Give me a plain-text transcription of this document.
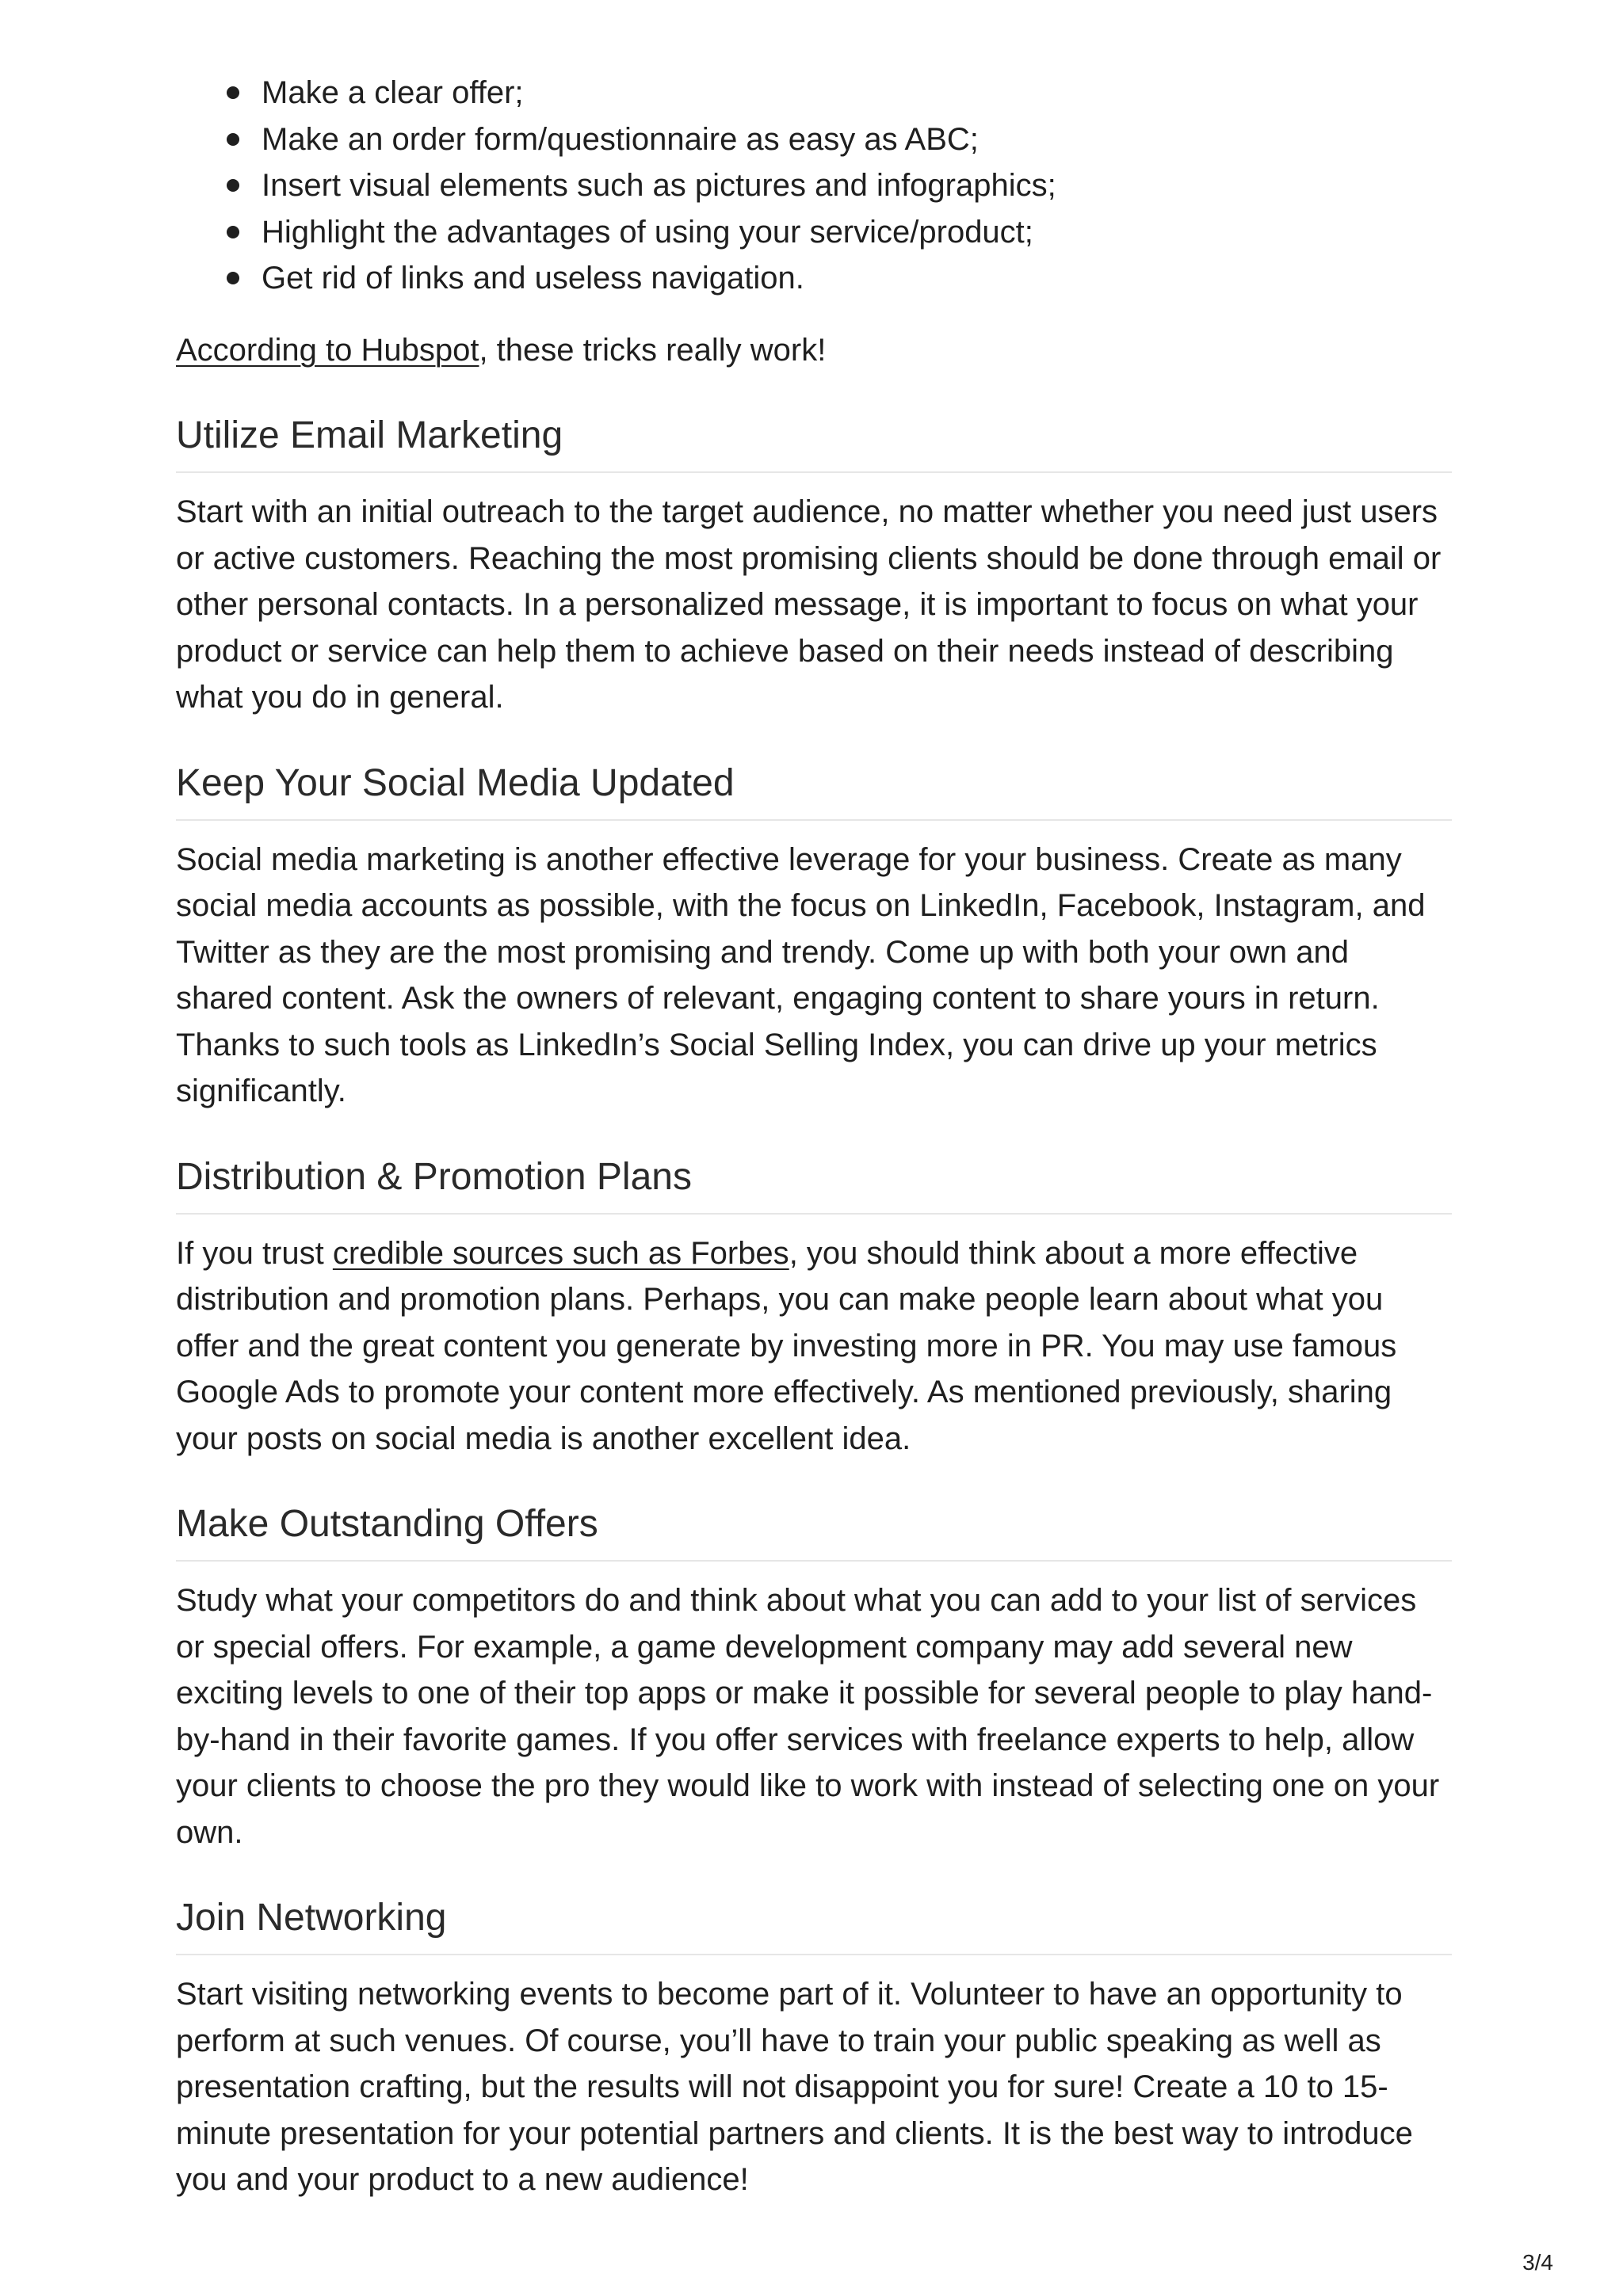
Make a clear offer;
Make an order form/questionnaire as easy as ABC;
Insert visual elements such as pictures and infographics;
Highlight the advantages of using your service/product;
Get rid of links and useless navigation.

According to Hubspot, these tricks really work!

Utilize Email Marketing

Start with an initial outreach to the target audience, no matter whether you need just users or active customers. Reaching the most promising clients should be done through email or other personal contacts. In a personalized message, it is important to focus on what your product or service can help them to achieve based on their needs instead of describing what you do in general.

Keep Your Social Media Updated

Social media marketing is another effective leverage for your business. Create as many social media accounts as possible, with the focus on LinkedIn, Facebook, Instagram, and Twitter as they are the most promising and trendy. Come up with both your own and shared content. Ask the owners of relevant, engaging content to share yours in return. Thanks to such tools as LinkedIn’s Social Selling Index, you can drive up your metrics significantly.

Distribution & Promotion Plans

If you trust credible sources such as Forbes, you should think about a more effective distribution and promotion plans. Perhaps, you can make people learn about what you offer and the great content you generate by investing more in PR. You may use famous Google Ads to promote your content more effectively. As mentioned previously, sharing your posts on social media is another excellent idea.

Make Outstanding Offers

Study what your competitors do and think about what you can add to your list of services or special offers. For example, a game development company may add several new exciting levels to one of their top apps or make it possible for several people to play hand-by-hand in their favorite games. If you offer services with freelance experts to help, allow your clients to choose the pro they would like to work with instead of selecting one on your own.

Join Networking

Start visiting networking events to become part of it. Volunteer to have an opportunity to perform at such venues. Of course, you’ll have to train your public speaking as well as presentation crafting, but the results will not disappoint you for sure! Create a 10 to 15-minute presentation for your potential partners and clients. It is the best way to introduce you and your product to a new audience!

3/4
